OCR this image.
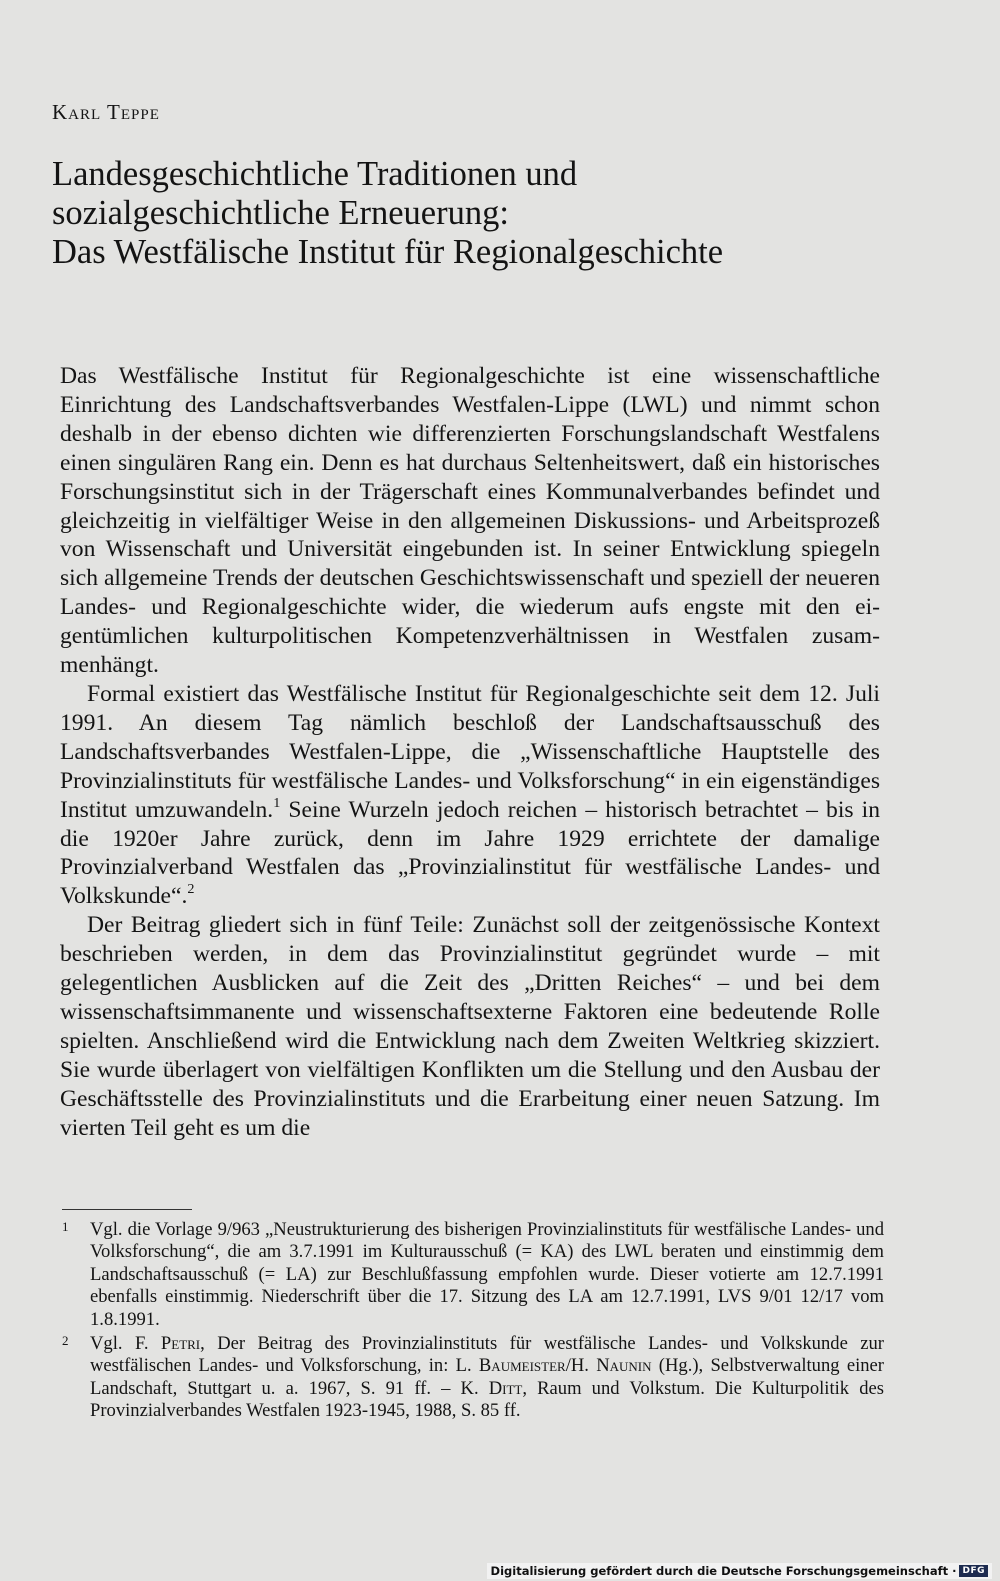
Karl Teppe
Landesgeschichtliche Traditionen und
sozialgeschichtliche Erneuerung:
Das Westfälische Institut für Regionalgeschichte

Das Westfälische Institut für Regionalgeschichte ist eine wissenschaftliche Einrichtung des Landschaftsverbandes Westfalen-Lippe (LWL) und nimmt schon deshalb in der ebenso dichten wie differenzierten Forschungslandschaft Westfalens einen singulären Rang ein. Denn es hat durchaus Seltenheitswert, daß ein historisches Forschungsinstitut sich in der Trägerschaft eines Kommunalverbandes befindet und gleichzeitig in vielfältiger Weise in den allgemeinen Diskussions- und Arbeitsprozeß von Wissenschaft und Universität eingebunden ist. In seiner Entwicklung spiegeln sich allgemeine Trends der deutschen Geschichtswissenschaft und speziell der neueren Landes- und Regionalgeschichte wider, die wiederum aufs engste mit den eigentümlichen kulturpolitischen Kompetenzverhältnissen in Westfalen zusammenhängt.

Formal existiert das Westfälische Institut für Regionalgeschichte seit dem 12. Juli 1991. An diesem Tag nämlich beschloß der Landschaftsausschuß des Landschaftsverbandes Westfalen-Lippe, die „Wissenschaftliche Hauptstelle des Provinzialinstituts für westfälische Landes- und Volksforschung“ in ein eigenständiges Institut umzuwandeln.$^1$ Seine Wurzeln jedoch reichen – historisch betrachtet – bis in die 1920er Jahre zurück, denn im Jahre 1929 errichtete der damalige Provinzialverband Westfalen das „Provinzialinstitut für westfälische Landes- und Volkskunde“.$^2$

Der Beitrag gliedert sich in fünf Teile: Zunächst soll der zeitgenössische Kontext beschrieben werden, in dem das Provinzialinstitut gegründet wurde – mit gelegentlichen Ausblicken auf die Zeit des „Dritten Reiches“ – und bei dem wissenschaftsimmanente und wissenschaftsexterne Faktoren eine bedeutende Rolle spielten. Anschließend wird die Entwicklung nach dem Zweiten Weltkrieg skizziert. Sie wurde überlagert von vielfältigen Konflikten um die Stellung und den Ausbau der Geschäftsstelle des Provinzialinstituts und die Erarbeitung einer neuen Satzung. Im vierten Teil geht es um die

1 Vgl. die Vorlage 9/963 „Neustrukturierung des bisherigen Provinzialinstituts für westfälische Landes- und Volksforschung“, die am 3.7.1991 im Kulturausschuß (= KA) des LWL beraten und einstimmig dem Landschaftsausschuß (= LA) zur Beschlußfassung empfohlen wurde. Dieser votierte am 12.7.1991 ebenfalls einstimmig. Niederschrift über die 17. Sitzung des LA am 12.7.1991, LVS 9/01 12/17 vom 1.8.1991.
2 Vgl. F. Petri, Der Beitrag des Provinzialinstituts für westfälische Landes- und Volkskunde zur westfälischen Landes- und Volksforschung, in: L. Baumeister/H. Naunin (Hg.), Selbstverwaltung einer Landschaft, Stuttgart u. a. 1967, S. 91 ff. – K. Ditt, Raum und Volkstum. Die Kulturpolitik des Provinzialverbandes Westfalen 1923-1945, 1988, S. 85 ff.
Digitalisierung gefördert durch die Deutsche Forschungsgemeinschaft · DFG
